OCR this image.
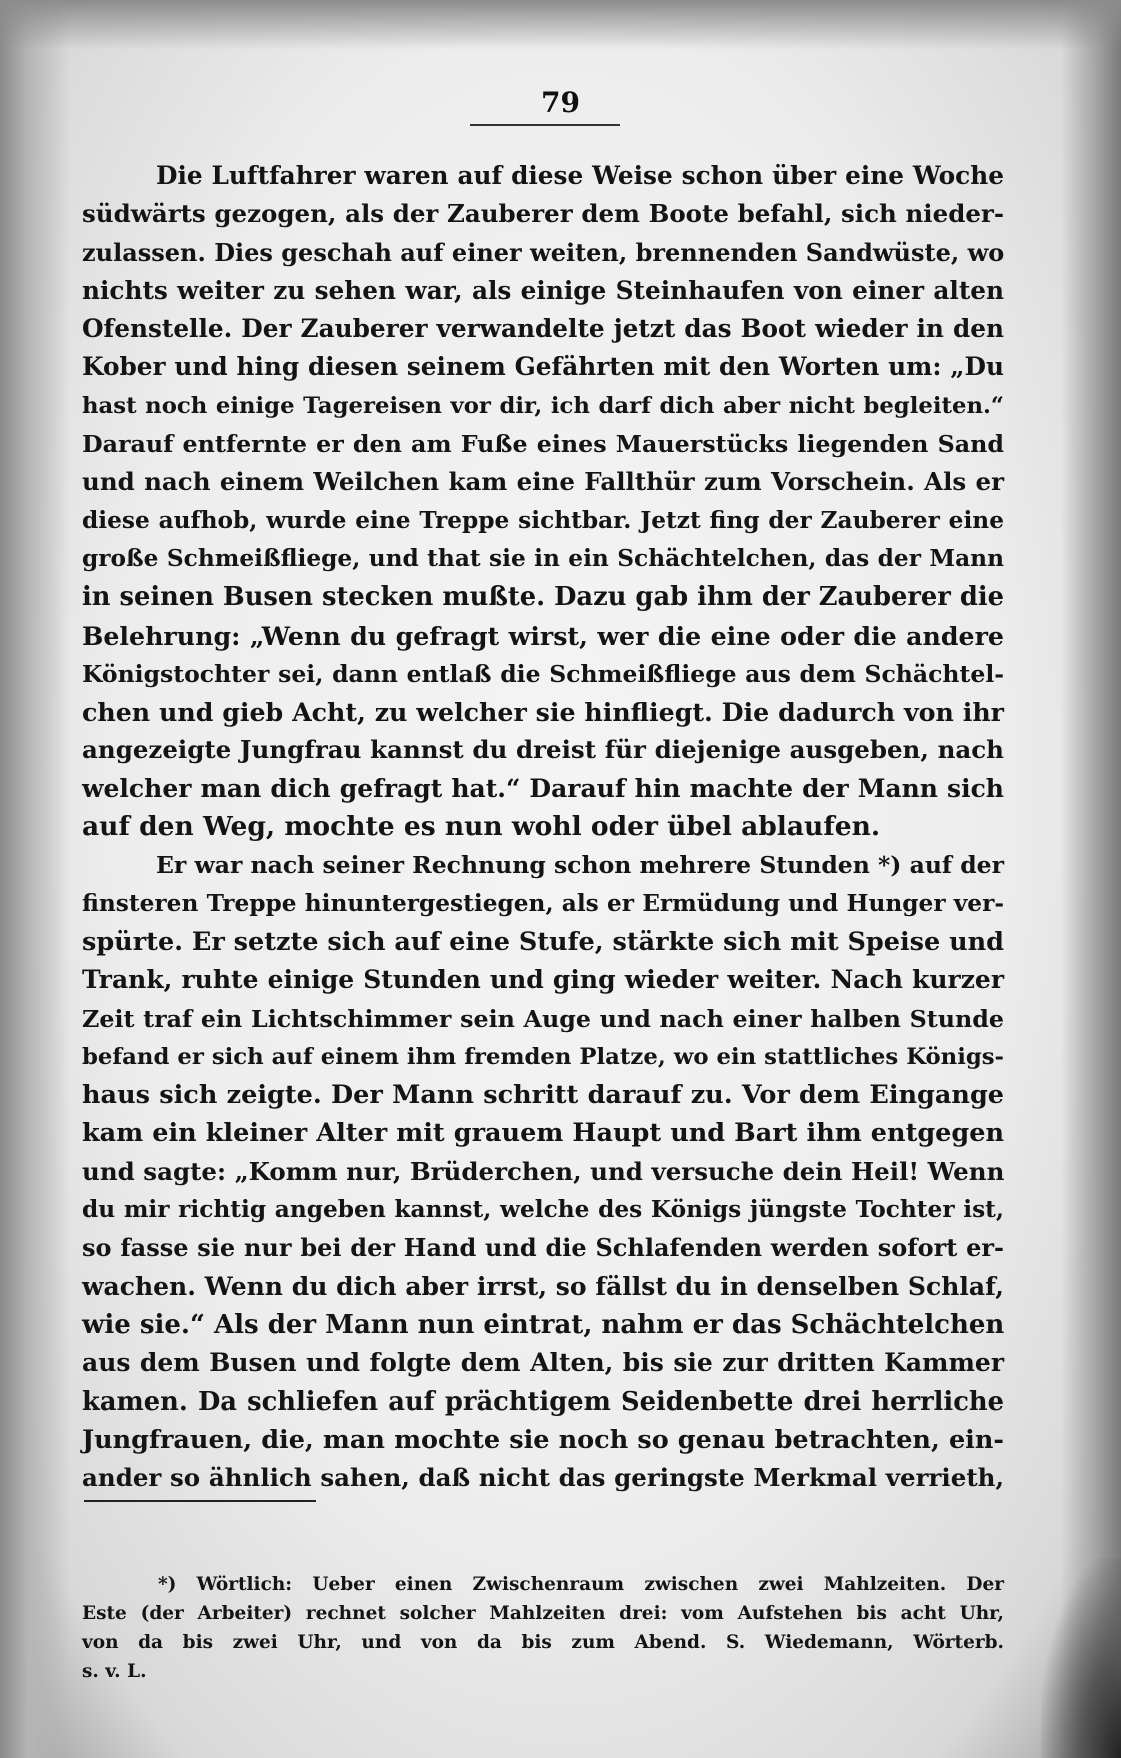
79
Die Luftfahrer waren auf diese Weise schon über eine Woche
südwärts gezogen, als der Zauberer dem Boote befahl, sich nieder-
zulassen. Dies geschah auf einer weiten, brennenden Sandwüste, wo
nichts weiter zu sehen war, als einige Steinhaufen von einer alten
Ofenstelle. Der Zauberer verwandelte jetzt das Boot wieder in den
Kober und hing diesen seinem Gefährten mit den Worten um: „Du
hast noch einige Tagereisen vor dir, ich darf dich aber nicht begleiten.“
Darauf entfernte er den am Fuße eines Mauerstücks liegenden Sand
und nach einem Weilchen kam eine Fallthür zum Vorschein. Als er
diese aufhob, wurde eine Treppe sichtbar. Jetzt fing der Zauberer eine
große Schmeißfliege, und that sie in ein Schächtelchen, das der Mann
in seinen Busen stecken mußte. Dazu gab ihm der Zauberer die
Belehrung: „Wenn du gefragt wirst, wer die eine oder die andere
Königstochter sei, dann entlaß die Schmeißfliege aus dem Schächtel-
chen und gieb Acht, zu welcher sie hinfliegt. Die dadurch von ihr
angezeigte Jungfrau kannst du dreist für diejenige ausgeben, nach
welcher man dich gefragt hat.“ Darauf hin machte der Mann sich
auf den Weg, mochte es nun wohl oder übel ablaufen.
Er war nach seiner Rechnung schon mehrere Stunden *) auf der
finsteren Treppe hinuntergestiegen, als er Ermüdung und Hunger ver-
spürte. Er setzte sich auf eine Stufe, stärkte sich mit Speise und
Trank, ruhte einige Stunden und ging wieder weiter. Nach kurzer
Zeit traf ein Lichtschimmer sein Auge und nach einer halben Stunde
befand er sich auf einem ihm fremden Platze, wo ein stattliches Königs-
haus sich zeigte. Der Mann schritt darauf zu. Vor dem Eingange
kam ein kleiner Alter mit grauem Haupt und Bart ihm entgegen
und sagte: „Komm nur, Brüderchen, und versuche dein Heil! Wenn
du mir richtig angeben kannst, welche des Königs jüngste Tochter ist,
so fasse sie nur bei der Hand und die Schlafenden werden sofort er-
wachen. Wenn du dich aber irrst, so fällst du in denselben Schlaf,
wie sie.“ Als der Mann nun eintrat, nahm er das Schächtelchen
aus dem Busen und folgte dem Alten, bis sie zur dritten Kammer
kamen. Da schliefen auf prächtigem Seidenbette drei herrliche
Jungfrauen, die, man mochte sie noch so genau betrachten, ein-
ander so ähnlich sahen, daß nicht das geringste Merkmal verrieth,
*) Wörtlich: Ueber einen Zwischenraum zwischen zwei Mahlzeiten. Der
Este (der Arbeiter) rechnet solcher Mahlzeiten drei: vom Aufstehen bis acht Uhr,
von da bis zwei Uhr, und von da bis zum Abend. S. Wiedemann, Wörterb.
s. v. L.
